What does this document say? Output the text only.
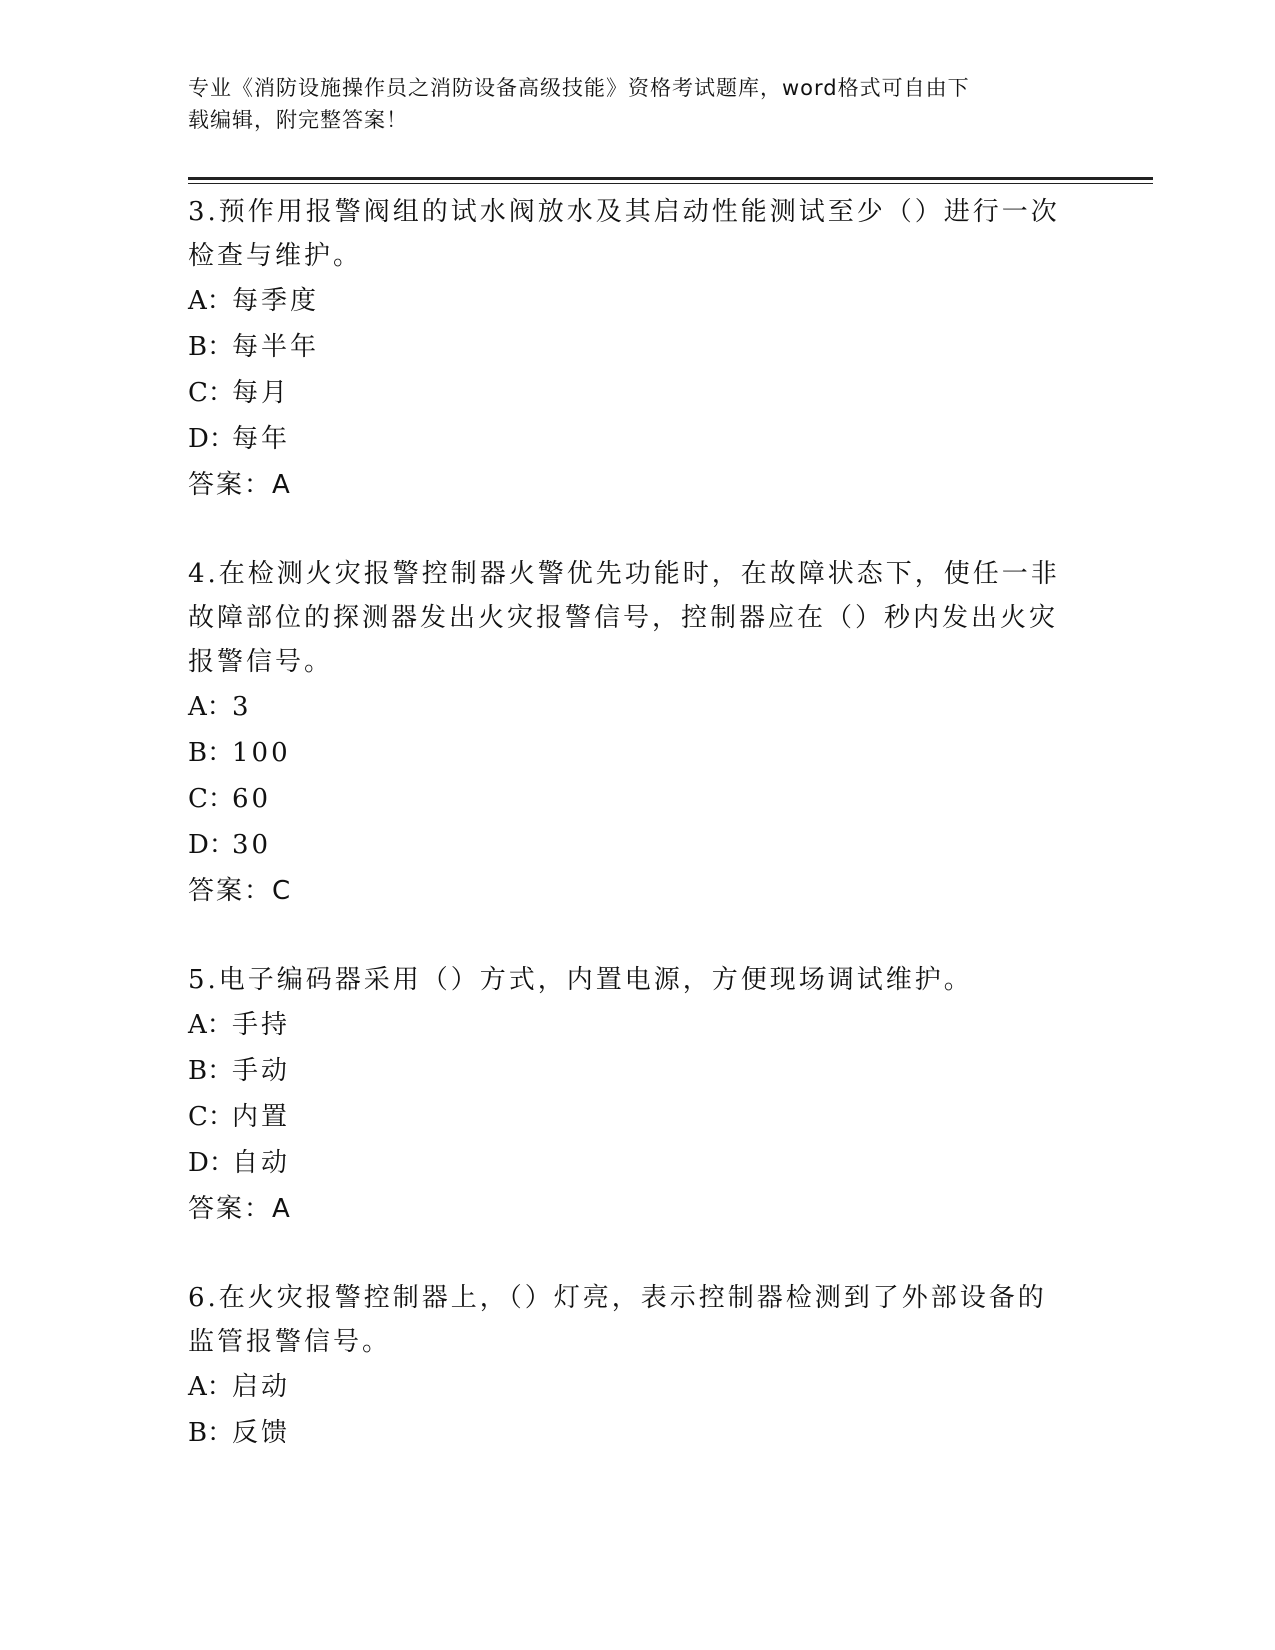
专业《消防设施操作员之消防设备高级技能》资格考试题库，word格式可自由下
载编辑，附完整答案！

3.预作用报警阀组的试水阀放水及其启动性能测试至少（）进行一次检查与维护。

A： 每季度
B：
每半年
C：
每月
D：
每年
答案：A

4.在检测火灾报警控制器火警优先功能时，在故障状态下，使任一非故障部位的探测器发出火灾报警信号，控制器应在（）秒内发出火灾报警信号。

A： 3
B：
100
C：
60
D：
30
答案：C

5.电子编码器采用（）方式，内置电源，方便现场调试维护。

A： 手持
B：
手动
C：
内置
D：
自动
答案：A

6.在火灾报警控制器上，（）灯亮，表示控制器检测到了外部设备的监管报警信号。

A： 启动
B：
反馈
